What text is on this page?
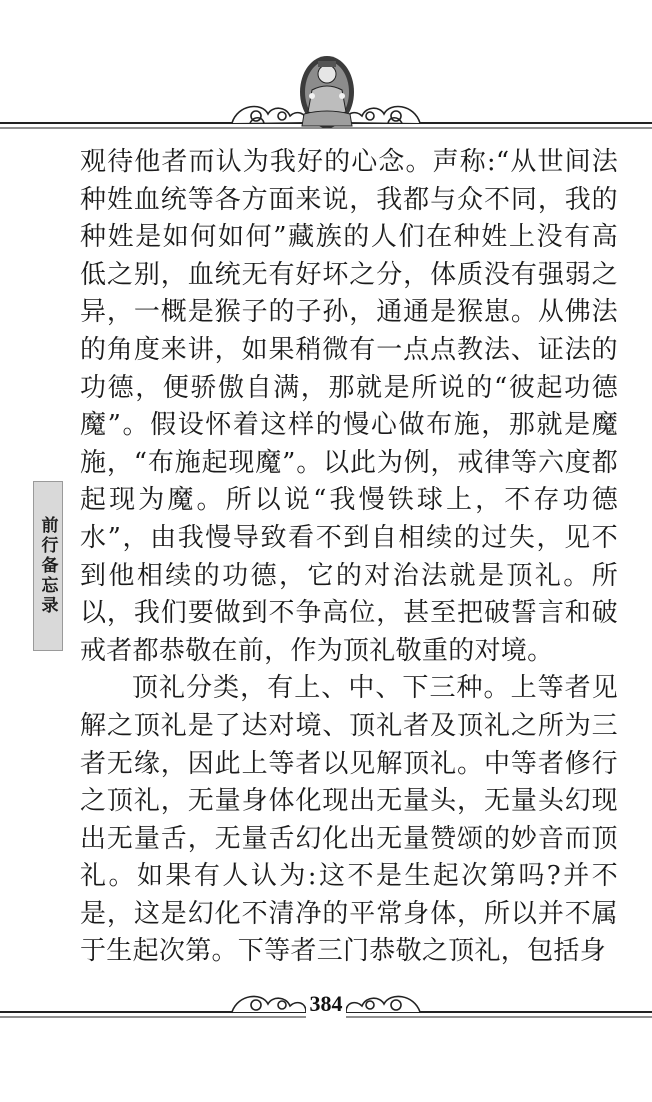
前行备忘录

观待他者而认为我好的心念。声称:“从世间法种姓血统等各方面来说，我都与众不同，我的种姓是如何如何”藏族的人们在种姓上没有高低之别，血统无有好坏之分，体质没有强弱之异，一概是猴子的子孙，通通是猴崽。从佛法的角度来讲，如果稍微有一点点教法、证法的功德，便骄傲自满，那就是所说的“彼起功德魔”。假设怀着这样的慢心做布施，那就是魔施，“布施起现魔”。以此为例，戒律等六度都起现为魔。所以说“我慢铁球上，不存功德水”，由我慢导致看不到自相续的过失，见不到他相续的功德，它的对治法就是顶礼。所以，我们要做到不争高位，甚至把破誓言和破戒者都恭敬在前，作为顶礼敬重的对境。

顶礼分类，有上、中、下三种。上等者见解之顶礼是了达对境、顶礼者及顶礼之所为三者无缘，因此上等者以见解顶礼。中等者修行之顶礼，无量身体化现出无量头，无量头幻现出无量舌，无量舌幻化出无量赞颂的妙音而顶礼。如果有人认为:这不是生起次第吗?并不是，这是幻化不清净的平常身体，所以并不属于生起次第。下等者三门恭敬之顶礼，包括身

384
